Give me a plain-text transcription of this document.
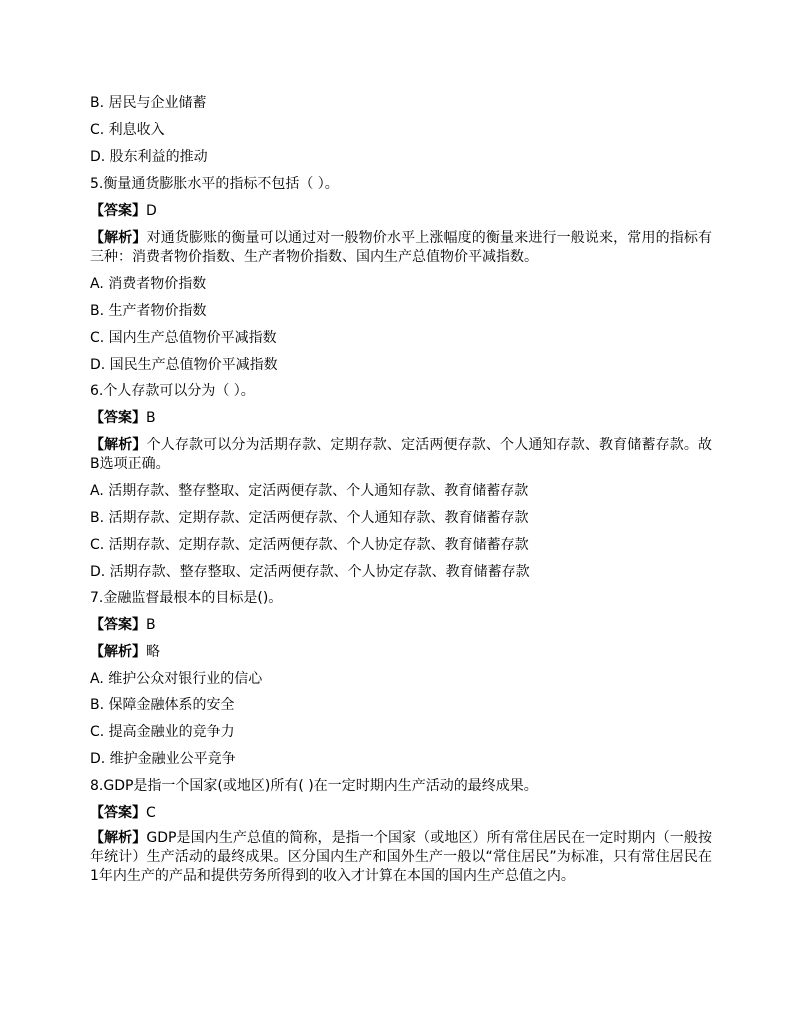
B. 居民与企业储蓄
C. 利息收入
D. 股东利益的推动
5.衡量通货膨胀水平的指标不包括（ ）。
【答案】D
【解析】对通货膨账的衡量可以通过对一般物价水平上涨幅度的衡量来进行一般说来，常用的指标有三种：消费者物价指数、生产者物价指数、国内生产总值物价平减指数。
A. 消费者物价指数
B. 生产者物价指数
C. 国内生产总值物价平减指数
D. 国民生产总值物价平减指数
6.个人存款可以分为（ ）。
【答案】B
【解析】个人存款可以分为活期存款、定期存款、定活两便存款、个人通知存款、教育储蓄存款。故B选项正确。
A. 活期存款、整存整取、定活两便存款、个人通知存款、教育储蓄存款
B. 活期存款、定期存款、定活两便存款、个人通知存款、教育储蓄存款
C. 活期存款、定期存款、定活两便存款、个人协定存款、教育储蓄存款
D. 活期存款、整存整取、定活两便存款、个人协定存款、教育储蓄存款
7.金融监督最根本的目标是()。
【答案】B
【解析】略
A. 维护公众对银行业的信心
B. 保障金融体系的安全
C. 提高金融业的竞争力
D. 维护金融业公平竞争
8.GDP是指一个国家(或地区)所有( )在一定时期内生产活动的最终成果。
【答案】C
【解析】GDP是国内生产总值的简称，是指一个国家（或地区）所有常住居民在一定时期内（一般按年统计）生产活动的最终成果。区分国内生产和国外生产一般以“常住居民”为标准，只有常住居民在1年内生产的产品和提供劳务所得到的收入才计算在本国的国内生产总值之内。
